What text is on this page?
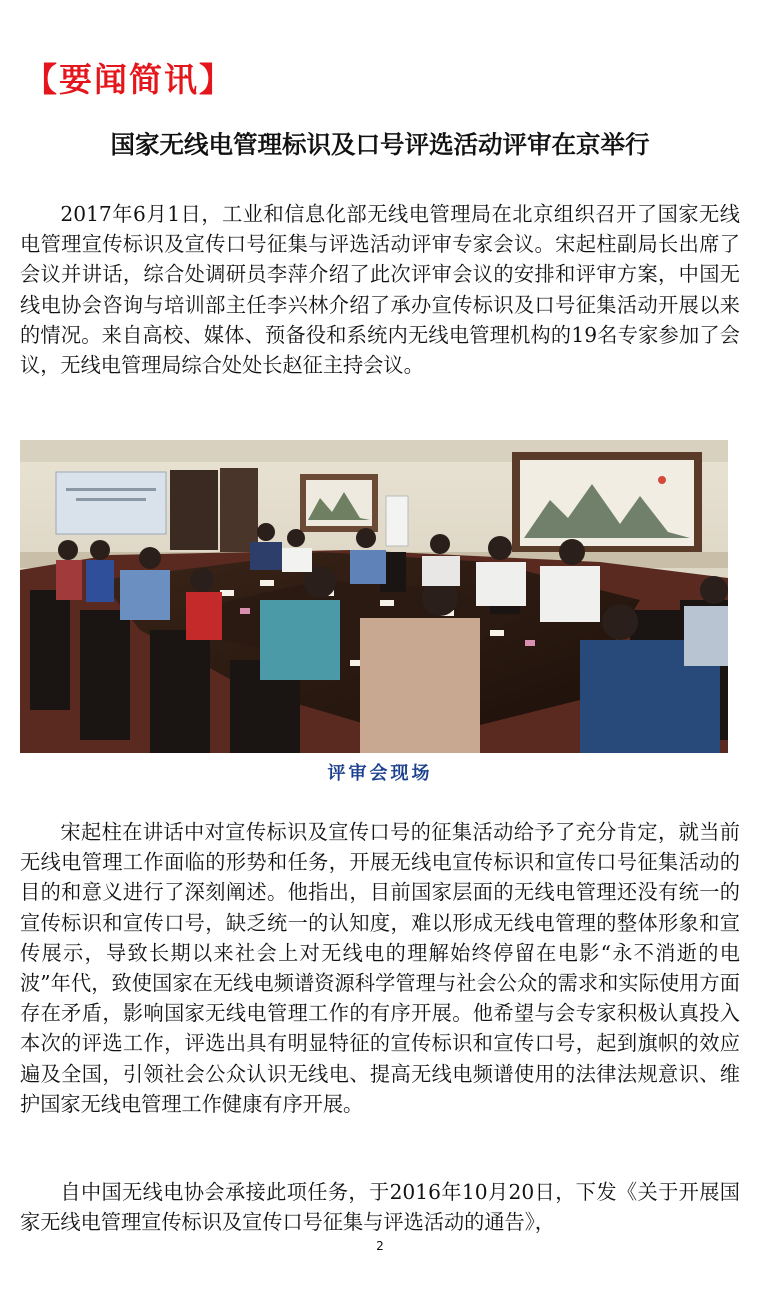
【要闻简讯】
国家无线电管理标识及口号评选活动评审在京举行

2017年6月1日，工业和信息化部无线电管理局在北京组织召开了国家无线电管理宣传标识及宣传口号征集与评选活动评审专家会议。宋起柱副局长出席了会议并讲话，综合处调研员李萍介绍了此次评审会议的安排和评审方案，中国无线电协会咨询与培训部主任李兴林介绍了承办宣传标识及口号征集活动开展以来的情况。来自高校、媒体、预备役和系统内无线电管理机构的19名专家参加了会议，无线电管理局综合处处长赵征主持会议。

评审会现场

宋起柱在讲话中对宣传标识及宣传口号的征集活动给予了充分肯定，就当前无线电管理工作面临的形势和任务，开展无线电宣传标识和宣传口号征集活动的目的和意义进行了深刻阐述。他指出，目前国家层面的无线电管理还没有统一的宣传标识和宣传口号，缺乏统一的认知度，难以形成无线电管理的整体形象和宣传展示，导致长期以来社会上对无线电的理解始终停留在电影“永不消逝的电波”年代，致使国家在无线电频谱资源科学管理与社会公众的需求和实际使用方面存在矛盾，影响国家无线电管理工作的有序开展。他希望与会专家积极认真投入本次的评选工作，评选出具有明显特征的宣传标识和宣传口号，起到旗帜的效应遍及全国，引领社会公众认识无线电、提高无线电频谱使用的法律法规意识、维护国家无线电管理工作健康有序开展。

自中国无线电协会承接此项任务，于2016年10月20日，下发《关于开展国家无线电管理宣传标识及宣传口号征集与评选活动的通告》，

2
